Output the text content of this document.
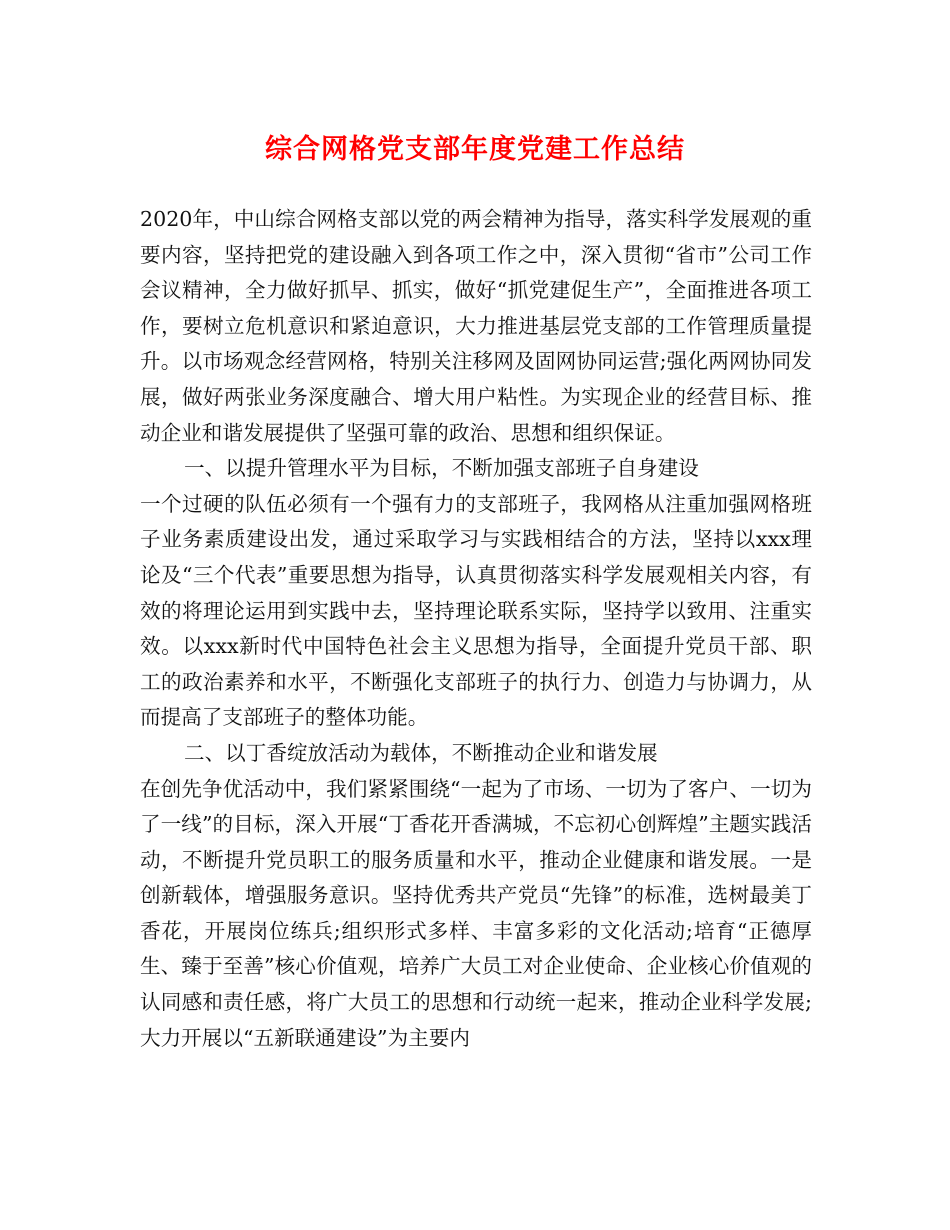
综合网格党支部年度党建工作总结

2020年，中山综合网格支部以党的两会精神为指导，落实科学发展观的重要内容，坚持把党的建设融入到各项工作之中，深入贯彻“省市”公司工作会议精神，全力做好抓早、抓实，做好“抓党建促生产”，全面推进各项工作，要树立危机意识和紧迫意识，大力推进基层党支部的工作管理质量提升。以市场观念经营网格，特别关注移网及固网协同运营;强化两网协同发展，做好两张业务深度融合、增大用户粘性。为实现企业的经营目标、推动企业和谐发展提供了坚强可靠的政治、思想和组织保证。

一、以提升管理水平为目标，不断加强支部班子自身建设

一个过硬的队伍必须有一个强有力的支部班子，我网格从注重加强网格班子业务素质建设出发，通过采取学习与实践相结合的方法，坚持以xxx理论及“三个代表”重要思想为指导，认真贯彻落实科学发展观相关内容，有效的将理论运用到实践中去，坚持理论联系实际，坚持学以致用、注重实效。以xxx新时代中国特色社会主义思想为指导，全面提升党员干部、职工的政治素养和水平，不断强化支部班子的执行力、创造力与协调力，从而提高了支部班子的整体功能。

二、以丁香绽放活动为载体，不断推动企业和谐发展

在创先争优活动中，我们紧紧围绕“一起为了市场、一切为了客户、一切为了一线”的目标，深入开展“丁香花开香满城，不忘初心创辉煌”主题实践活动，不断提升党员职工的服务质量和水平，推动企业健康和谐发展。一是创新载体，增强服务意识。坚持优秀共产党员“先锋”的标准，选树最美丁香花，开展岗位练兵;组织形式多样、丰富多彩的文化活动;培育“正德厚生、臻于至善”核心价值观，培养广大员工对企业使命、企业核心价值观的认同感和责任感，将广大员工的思想和行动统一起来，推动企业科学发展;大力开展以“五新联通建设”为主要内
